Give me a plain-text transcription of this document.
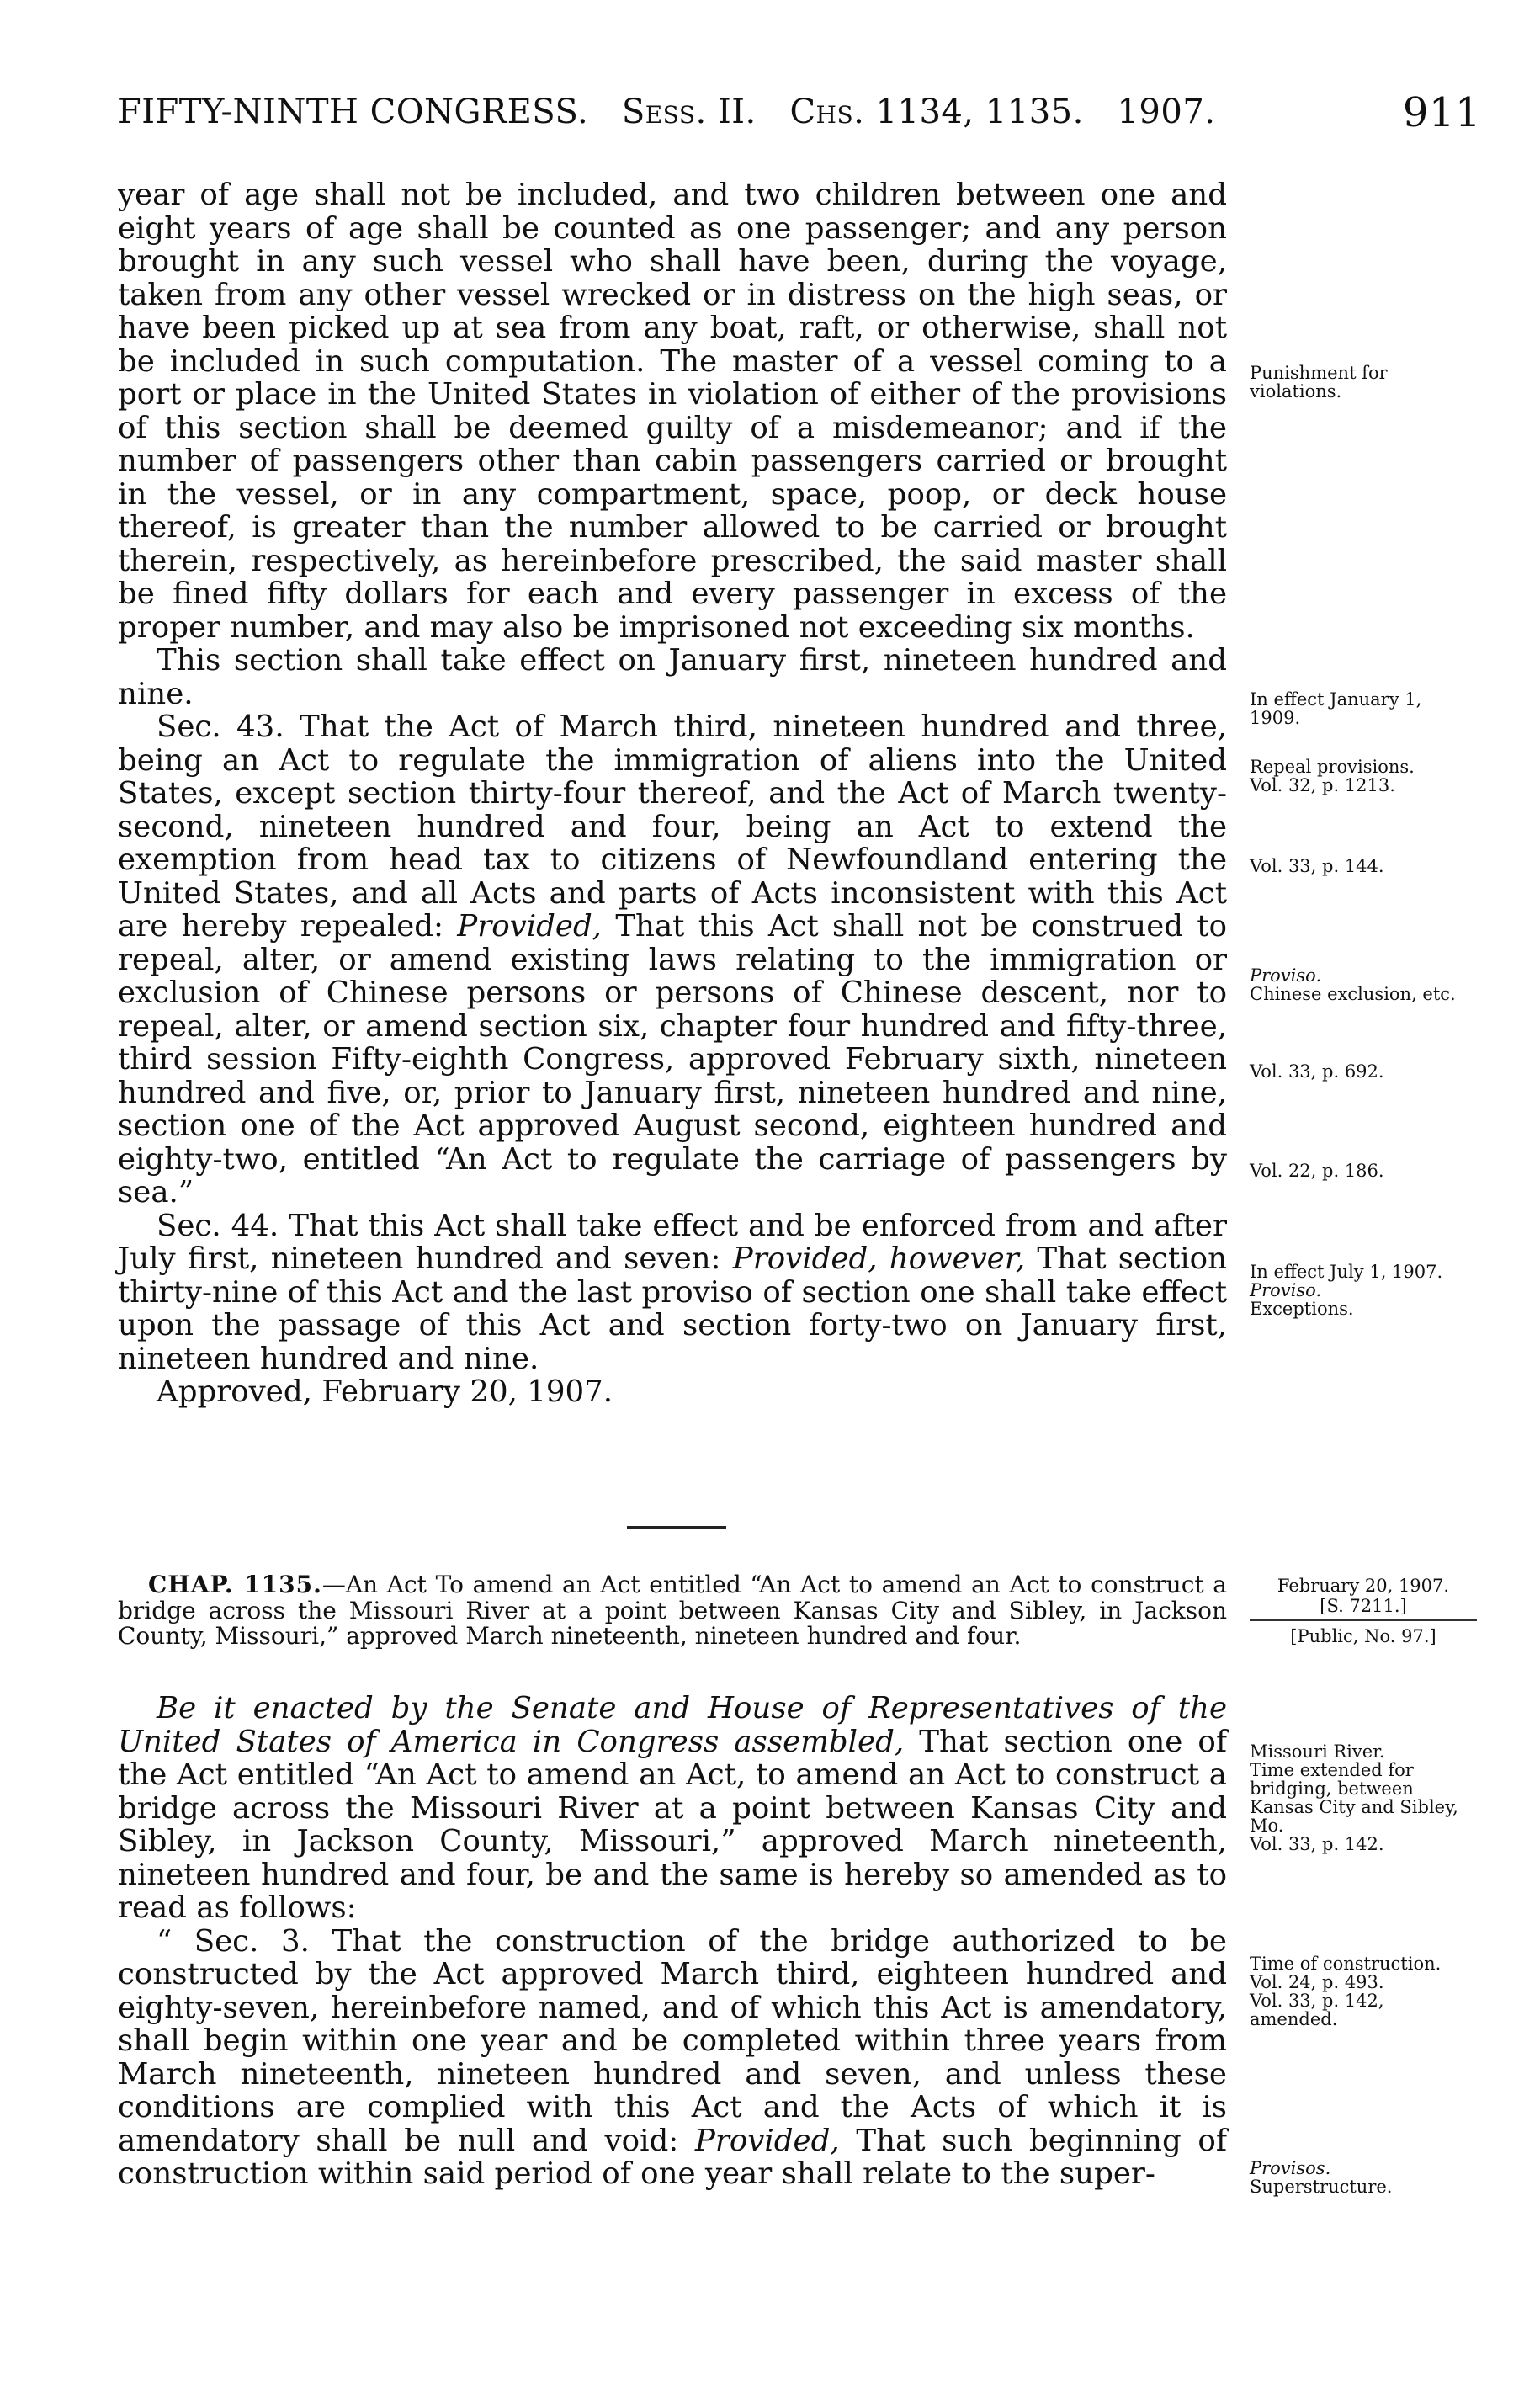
FIFTY-NINTH CONGRESS. Sess. II. Chs. 1134, 1135. 1907.	911

year of age shall not be included, and two children between one and eight years of age shall be counted as one passenger; and any person brought in any such vessel who shall have been, during the voyage, taken from any other vessel wrecked or in distress on the high seas, or have been picked up at sea from any boat, raft, or otherwise, shall not be included in such computation. The master of a vessel coming to a port or place in the United States in violation of either of the provisions of this section shall be deemed guilty of a misdemeanor; and if the number of passengers other than cabin passengers carried or brought in the vessel, or in any compartment, space, poop, or deck house thereof, is greater than the number allowed to be carried or brought therein, respectively, as hereinbefore prescribed, the said master shall be fined fifty dollars for each and every passenger in excess of the proper number, and may also be imprisoned not exceeding six months.

This section shall take effect on January first, nineteen hundred and nine.

Sec. 43. That the Act of March third, nineteen hundred and three, being an Act to regulate the immigration of aliens into the United States, except section thirty-four thereof, and the Act of March twenty-second, nineteen hundred and four, being an Act to extend the exemption from head tax to citizens of Newfoundland entering the United States, and all Acts and parts of Acts inconsistent with this Act are hereby repealed: Provided, That this Act shall not be construed to repeal, alter, or amend existing laws relating to the immigration or exclusion of Chinese persons or persons of Chinese descent, nor to repeal, alter, or amend section six, chapter four hundred and fifty-three, third session Fifty-eighth Congress, approved February sixth, nineteen hundred and five, or, prior to January first, nineteen hundred and nine, section one of the Act approved August second, eighteen hundred and eighty-two, entitled “An Act to regulate the carriage of passengers by sea.”

Sec. 44. That this Act shall take effect and be enforced from and after July first, nineteen hundred and seven: Provided, however, That section thirty-nine of this Act and the last proviso of section one shall take effect upon the passage of this Act and section forty-two on January first, nineteen hundred and nine.

Approved, February 20, 1907.

CHAP. 1135.—An Act To amend an Act entitled “An Act to amend an Act to construct a bridge across the Missouri River at a point between Kansas City and Sibley, in Jackson County, Missouri,” approved March nineteenth, nineteen hundred and four.

February 20, 1907.
[S. 7211.]
[Public, No. 97.]

Be it enacted by the Senate and House of Representatives of the United States of America in Congress assembled, That section one of the Act entitled “An Act to amend an Act, to amend an Act to construct a bridge across the Missouri River at a point between Kansas City and Sibley, in Jackson County, Missouri,” approved March nineteenth, nineteen hundred and four, be and the same is hereby so amended as to read as follows:

“ Sec. 3. That the construction of the bridge authorized to be constructed by the Act approved March third, eighteen hundred and eighty-seven, hereinbefore named, and of which this Act is amendatory, shall begin within one year and be completed within three years from March nineteenth, nineteen hundred and seven, and unless these conditions are complied with this Act and the Acts of which it is amendatory shall be null and void: Provided, That such beginning of construction within said period of one year shall relate to the super-

Punishment for violations.
In effect January 1, 1909.
Repeal provisions.
Vol. 32, p. 1213.
Vol. 33, p. 144.
Proviso.
Chinese exclusion, etc.
Vol. 33, p. 692.
Vol. 22, p. 186.
In effect July 1, 1907.
Proviso.
Exceptions.
Missouri River.
Time extended for bridging, between Kansas City and Sibley, Mo.
Vol. 33, p. 142.
Time of construction.
Vol. 24, p. 493.
Vol. 33, p. 142, amended.
Provisos.
Superstructure.
